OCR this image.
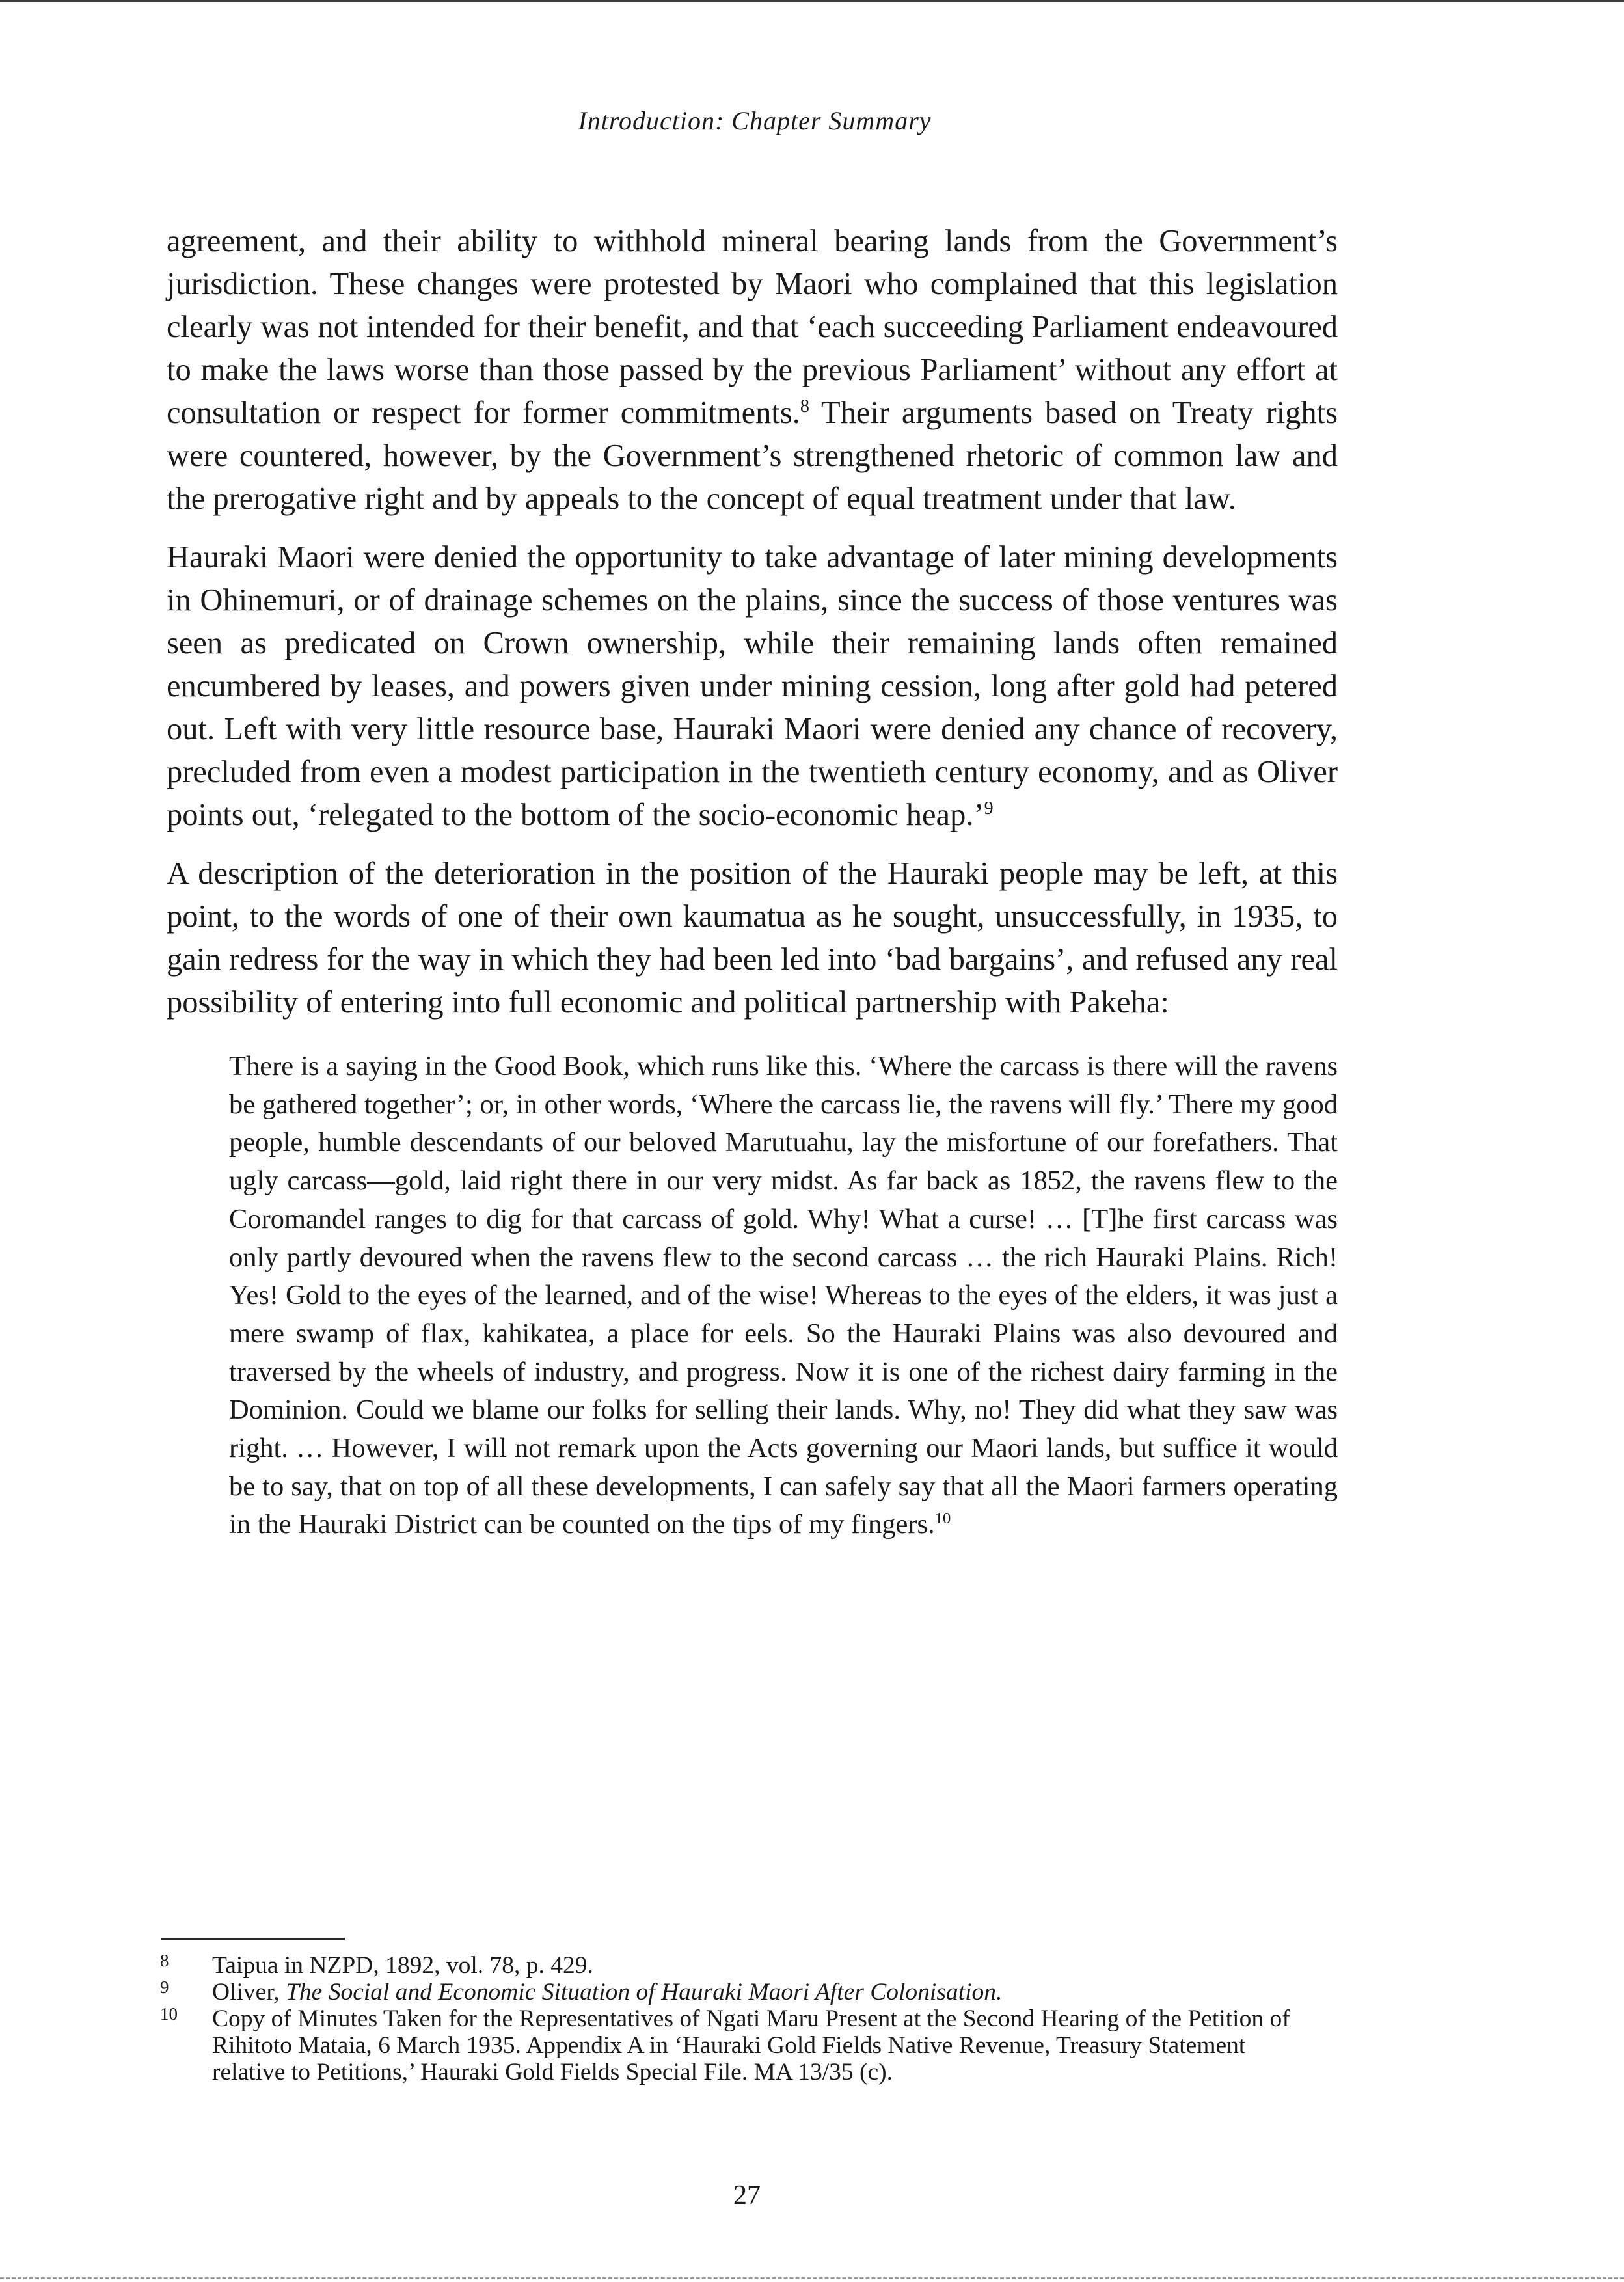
Introduction: Chapter Summary

agreement, and their ability to withhold mineral bearing lands from the Government’s jurisdiction. These changes were protested by Maori who complained that this legislation clearly was not intended for their benefit, and that ‘each succeeding Parliament endeavoured to make the laws worse than those passed by the previous Parliament’ without any effort at consultation or respect for former commitments.$^8$ Their arguments based on Treaty rights were countered, however, by the Government’s strengthened rhetoric of common law and the prerogative right and by appeals to the concept of equal treatment under that law.

Hauraki Maori were denied the opportunity to take advantage of later mining developments in Ohinemuri, or of drainage schemes on the plains, since the success of those ventures was seen as predicated on Crown ownership, while their remaining lands often remained encumbered by leases, and powers given under mining cession, long after gold had petered out. Left with very little resource base, Hauraki Maori were denied any chance of recovery, precluded from even a modest participation in the twentieth century economy, and as Oliver points out, ‘relegated to the bottom of the socio-economic heap.’$^9$

A description of the deterioration in the position of the Hauraki people may be left, at this point, to the words of one of their own kaumatua as he sought, unsuccessfully, in 1935, to gain redress for the way in which they had been led into ‘bad bargains’, and refused any real possibility of entering into full economic and political partnership with Pakeha:

There is a saying in the Good Book, which runs like this. ‘Where the carcass is there will the ravens be gathered together’; or, in other words, ‘Where the carcass lie, the ravens will fly.’ There my good people, humble descendants of our beloved Marutuahu, lay the misfortune of our forefathers. That ugly carcass—gold, laid right there in our very midst. As far back as 1852, the ravens flew to the Coromandel ranges to dig for that carcass of gold. Why! What a curse! … [T]he first carcass was only partly devoured when the ravens flew to the second carcass … the rich Hauraki Plains. Rich! Yes! Gold to the eyes of the learned, and of the wise! Whereas to the eyes of the elders, it was just a mere swamp of flax, kahikatea, a place for eels. So the Hauraki Plains was also devoured and traversed by the wheels of industry, and progress. Now it is one of the richest dairy farming in the Dominion. Could we blame our folks for selling their lands. Why, no! They did what they saw was right. … However, I will not remark upon the Acts governing our Maori lands, but suffice it would be to say, that on top of all these developments, I can safely say that all the Maori farmers operating in the Hauraki District can be counted on the tips of my fingers.$^{10}$

8	Taipua in NZPD, 1892, vol. 78, p. 429.
9	Oliver, The Social and Economic Situation of Hauraki Maori After Colonisation.
10	Copy of Minutes Taken for the Representatives of Ngati Maru Present at the Second Hearing of the Petition of Rihitoto Mataia, 6 March 1935. Appendix A in ‘Hauraki Gold Fields Native Revenue, Treasury Statement relative to Petitions,’ Hauraki Gold Fields Special File. MA 13/35 (c).
27
